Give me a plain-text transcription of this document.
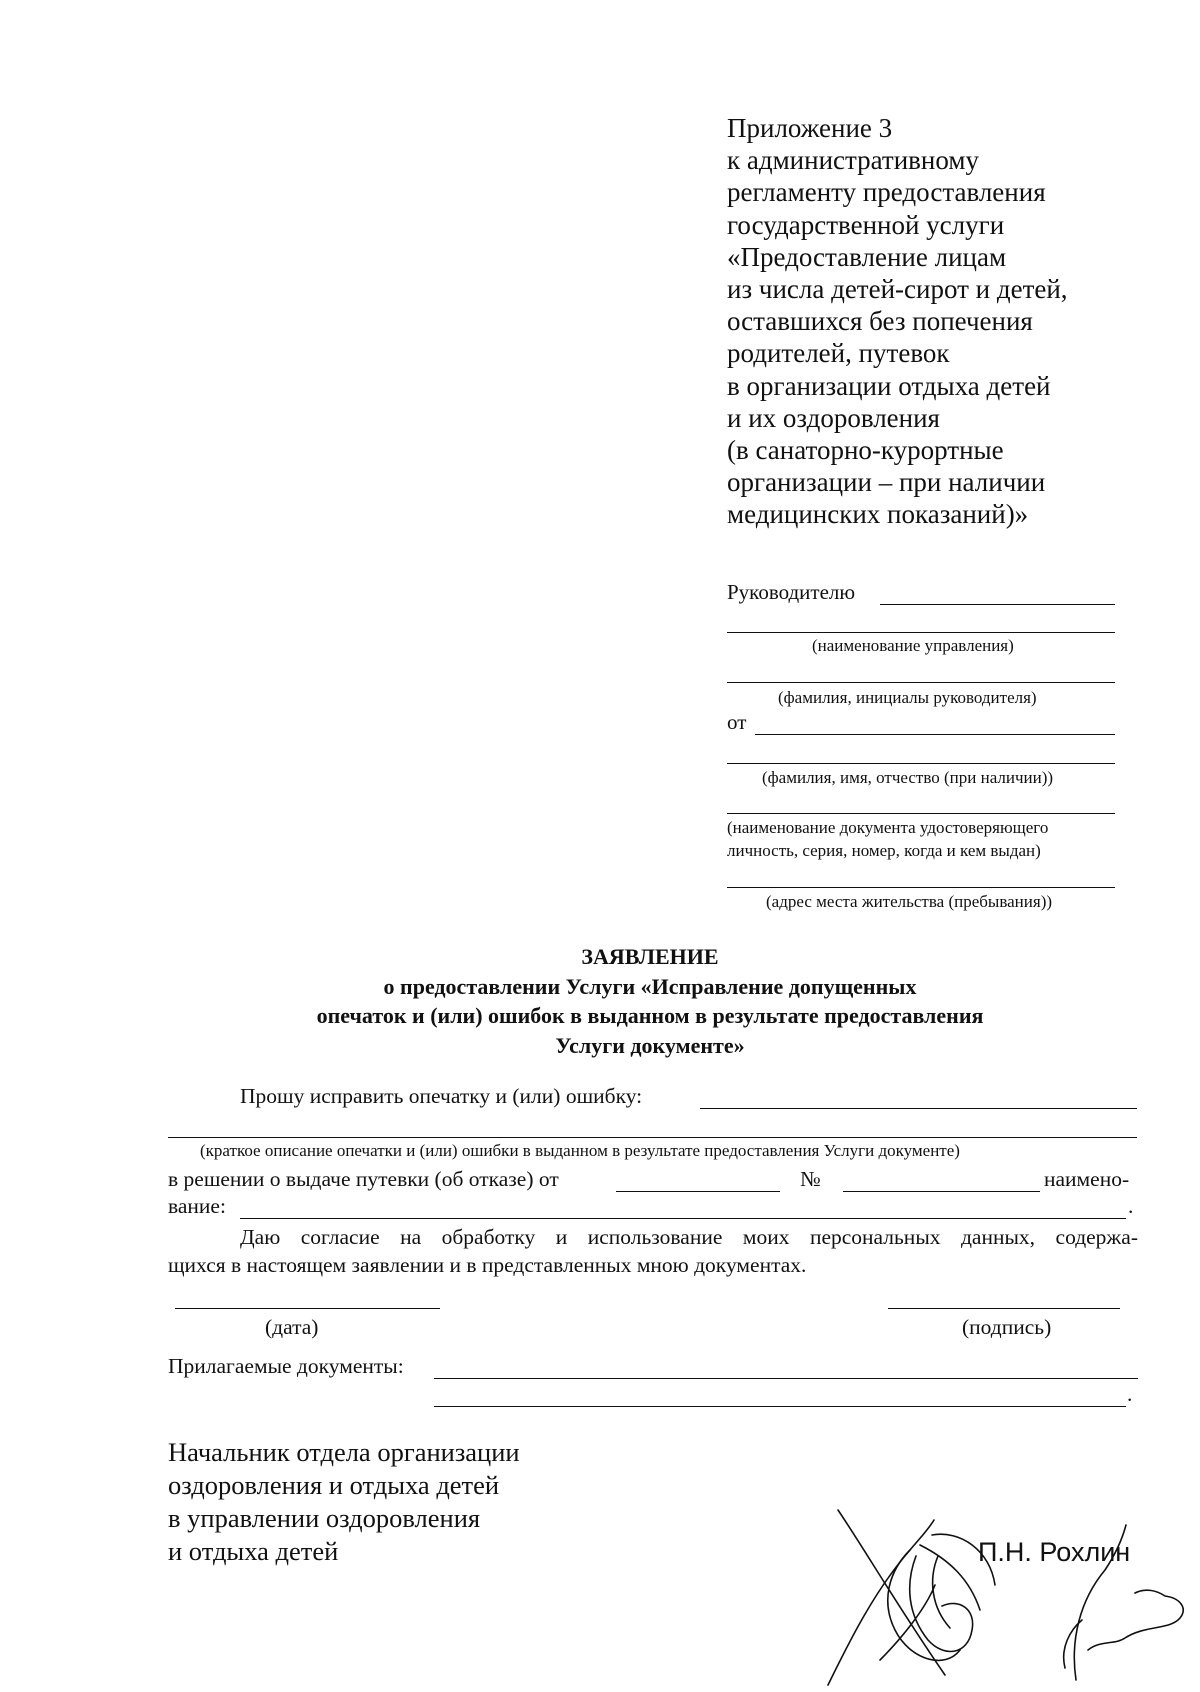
Приложение 3
к административному
регламенту предоставления
государственной услуги
«Предоставление лицам
из числа детей-сирот и детей,
оставшихся без попечения
родителей, путевок
в организации отдыха детей
и их оздоровления
(в санаторно-курортные
организации – при наличии
медицинских показаний)»
Руководителю
(наименование управления)
(фамилия, инициалы руководителя)
от
(фамилия, имя, отчество (при наличии))
(наименование документа удостоверяющего
личность, серия, номер, когда и кем выдан)
(адрес места жительства (пребывания))
ЗАЯВЛЕНИЕ
о предоставлении Услуги «Исправление допущенных
опечаток и (или) ошибок в выданном в результате предоставления
Услуги документе»
Прошу исправить опечатку и (или) ошибку:
(краткое описание опечатки и (или) ошибки в выданном в результате предоставления Услуги документе)
в решении о выдаче путевки (об отказе) от	№	наимено-
вание:	.
Даю согласие на обработку и использование моих персональных данных, содержа-
щихся в настоящем заявлении и в представленных мною документах.
(дата)	(подпись)
Прилагаемые документы:
.
Начальник отдела организации
оздоровления и отдыха детей
в управлении оздоровления
и отдыха детей	П.Н. Рохлин
